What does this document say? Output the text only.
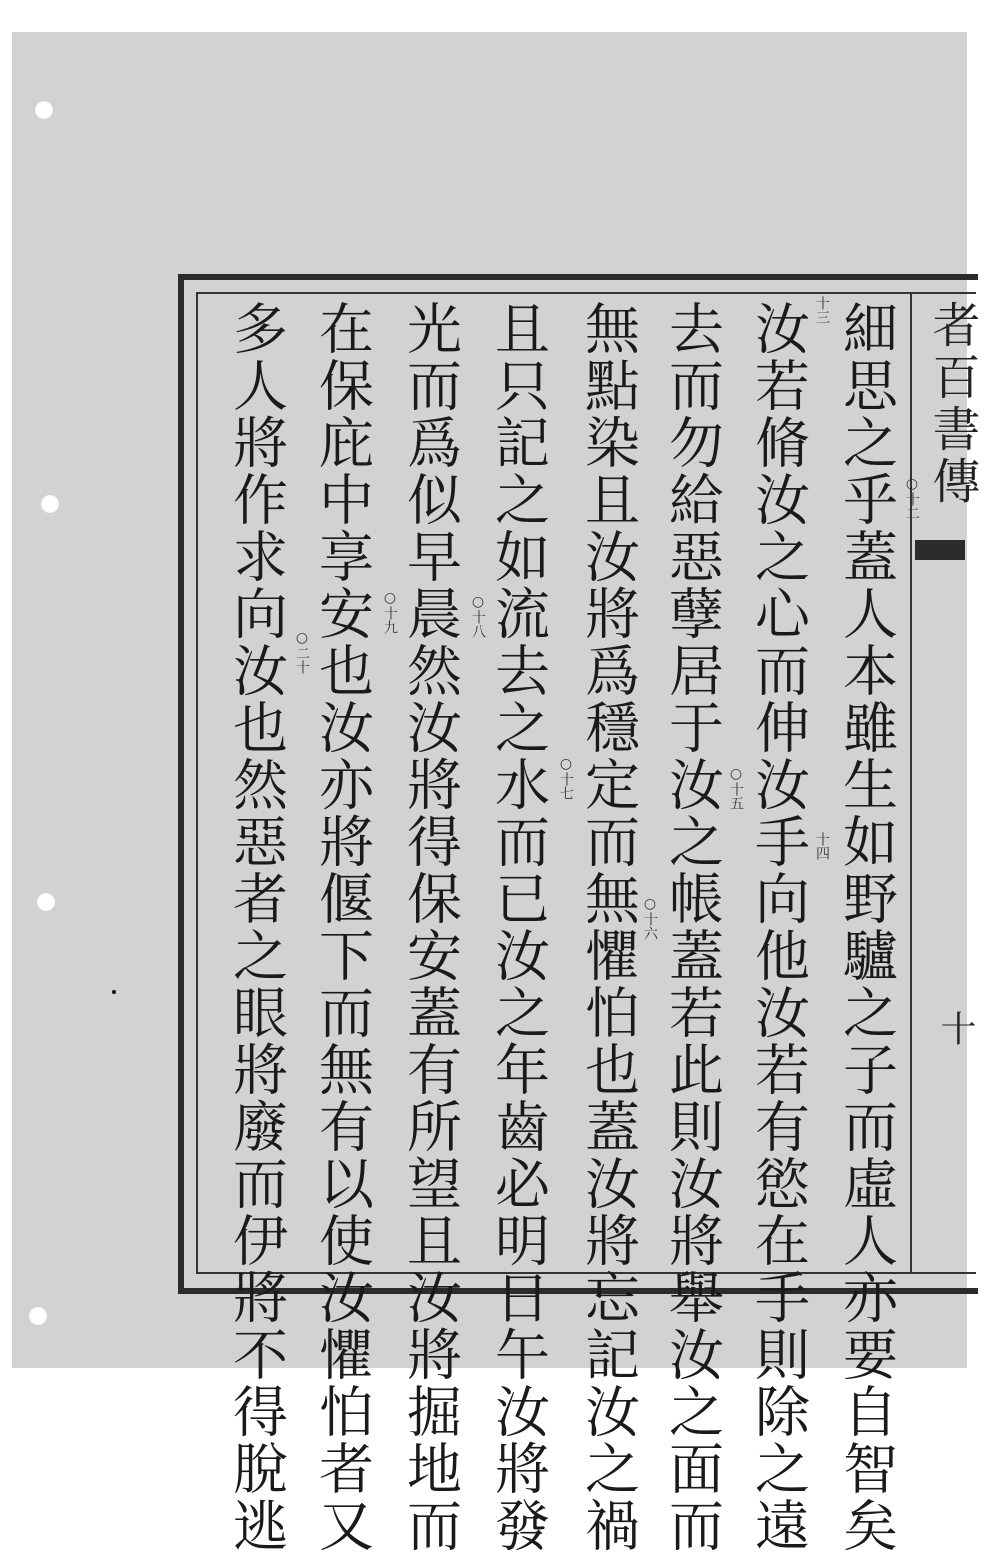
者百書傳
十
細思之乎蓋人本雖生如野驢之子而虛人亦要自智矣
汝若脩汝之心而伸汝手向他汝若有慾在手則除之遠
去而勿給惡孽居于汝之帳蓋若此則汝將舉汝之面而
無點染且汝將爲穩定而無懼怕也蓋汝將忘記汝之禍
且只記之如流去之水而已汝之年齒必明日午汝將發
光而爲似早晨然汝將得保安蓋有所望且汝將掘地而
在保庇中享安也汝亦將偃下而無有以使汝懼怕者又
多人將作求向汝也然惡者之眼將廢而伊將不得脫逃	○十二
十三
十四
○十五
○十六
○十七
○十八
○十九
○二十
